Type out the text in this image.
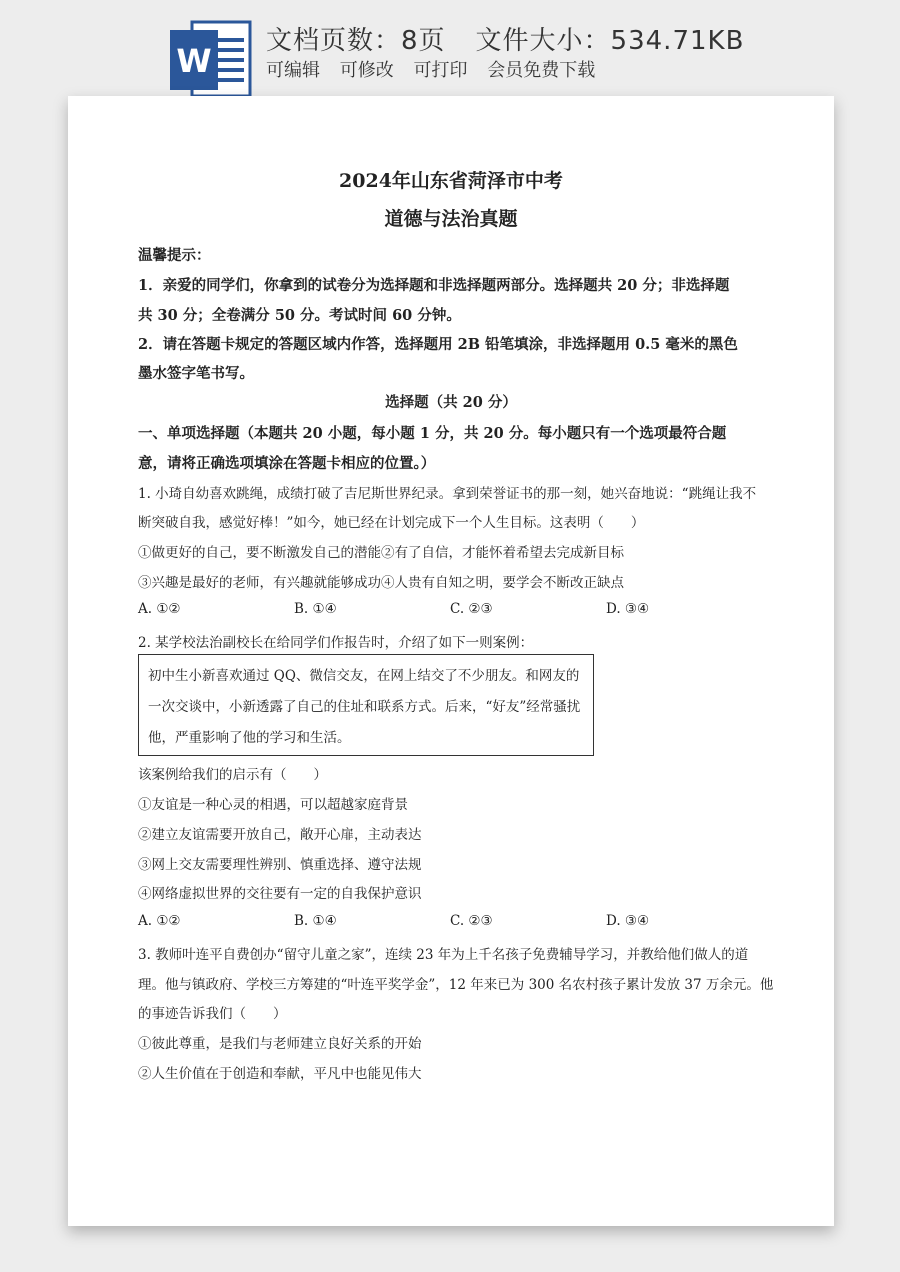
W
文档页数：8页 文件大小：534.71KB
可编辑 可修改 可打印 会员免费下载
2024年山东省菏泽市中考
道德与法治真题
温馨提示：
1．亲爱的同学们，你拿到的试卷分为选择题和非选择题两部分。选择题共 20 分；非选择题
共 30 分；全卷满分 50 分。考试时间 60 分钟。
2．请在答题卡规定的答题区域内作答，选择题用 2B 铅笔填涂，非选择题用 0.5 毫米的黑色
墨水签字笔书写。
选择题（共 20 分）
一、单项选择题（本题共 20 小题，每小题 1 分，共 20 分。每小题只有一个选项最符合题
意，请将正确选项填涂在答题卡相应的位置。）
1. 小琦自幼喜欢跳绳，成绩打破了吉尼斯世界纪录。拿到荣誉证书的那一刻，她兴奋地说：“跳绳让我不
断突破自我，感觉好棒！”如今，她已经在计划完成下一个人生目标。这表明（　　）
①做更好的自己，要不断激发自己的潜能②有了自信，才能怀着希望去完成新目标
③兴趣是最好的老师，有兴趣就能够成功④人贵有自知之明，要学会不断改正缺点
A. ①②	B. ①④	C. ②③	D. ③④
2. 某学校法治副校长在给同学们作报告时，介绍了如下一则案例：
初中生小新喜欢通过 QQ、微信交友，在网上结交了不少朋友。和网友的
一次交谈中，小新透露了自己的住址和联系方式。后来，“好友”经常骚扰
他，严重影响了他的学习和生活。
该案例给我们的启示有（　　）
①友谊是一种心灵的相遇，可以超越家庭背景
②建立友谊需要开放自己，敞开心扉，主动表达
③网上交友需要理性辨别、慎重选择、遵守法规
④网络虚拟世界的交往要有一定的自我保护意识
A. ①②	B. ①④	C. ②③	D. ③④
3. 教师叶连平自费创办“留守儿童之家”，连续 23 年为上千名孩子免费辅导学习，并教给他们做人的道
理。他与镇政府、学校三方筹建的“叶连平奖学金”，12 年来已为 300 名农村孩子累计发放 37 万余元。他
的事迹告诉我们（　　）
①彼此尊重，是我们与老师建立良好关系的开始
②人生价值在于创造和奉献，平凡中也能见伟大
